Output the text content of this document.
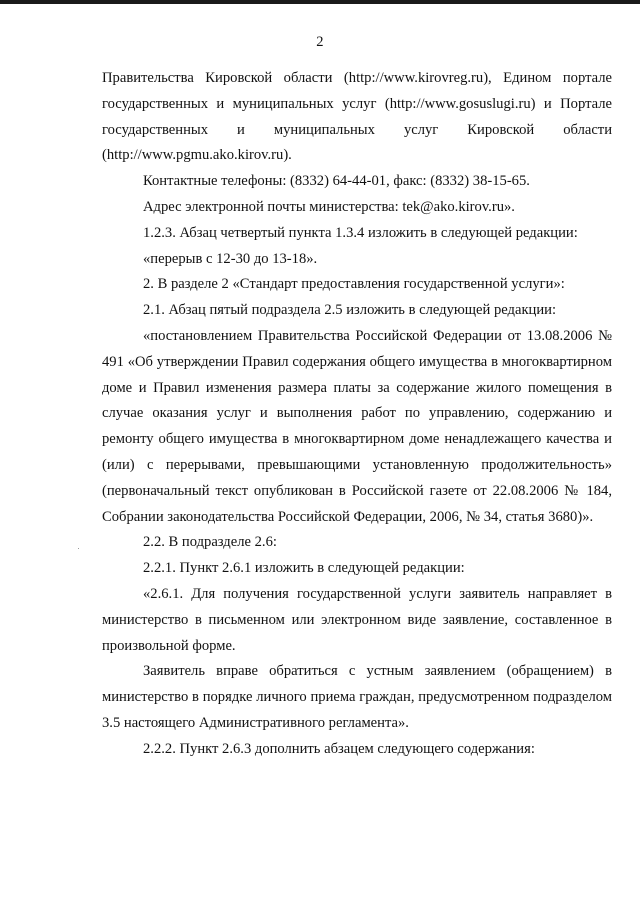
2

Правительства Кировской области (http://www.kirovreg.ru), Едином портале государственных и муниципальных услуг (http://www.gosuslugi.ru) и Портале государственных и муниципальных услуг Кировской области (http://www.pgmu.ako.kirov.ru).

Контактные телефоны: (8332) 64-44-01, факс: (8332) 38-15-65.

Адрес электронной почты министерства: tek@ako.kirov.ru».

1.2.3. Абзац четвертый пункта 1.3.4 изложить в следующей редакции:

«перерыв с 12-30 до 13-18».

2. В разделе 2 «Стандарт предоставления государственной услуги»:

2.1. Абзац пятый подраздела 2.5 изложить в следующей редакции:

«постановлением Правительства Российской Федерации от 13.08.2006 № 491 «Об утверждении Правил содержания общего имущества в многоквартирном доме и Правил изменения размера платы за содержание жилого помещения в случае оказания услуг и выполнения работ по управлению, содержанию и ремонту общего имущества в многоквартирном доме ненадлежащего качества и (или) с перерывами, превышающими установленную продолжительность» (первоначальный текст опубликован в Российской газете от 22.08.2006 № 184, Собрании законодательства Российской Федерации, 2006, № 34, статья 3680)».

2.2. В подразделе 2.6:

2.2.1. Пункт 2.6.1 изложить в следующей редакции:

«2.6.1. Для получения государственной услуги заявитель направляет в министерство в письменном или электронном виде заявление, составленное в произвольной форме.

Заявитель вправе обратиться с устным заявлением (обращением) в министерство в порядке личного приема граждан, предусмотренном подразделом 3.5 настоящего Административного регламента».

2.2.2. Пункт 2.6.3 дополнить абзацем следующего содержания:
